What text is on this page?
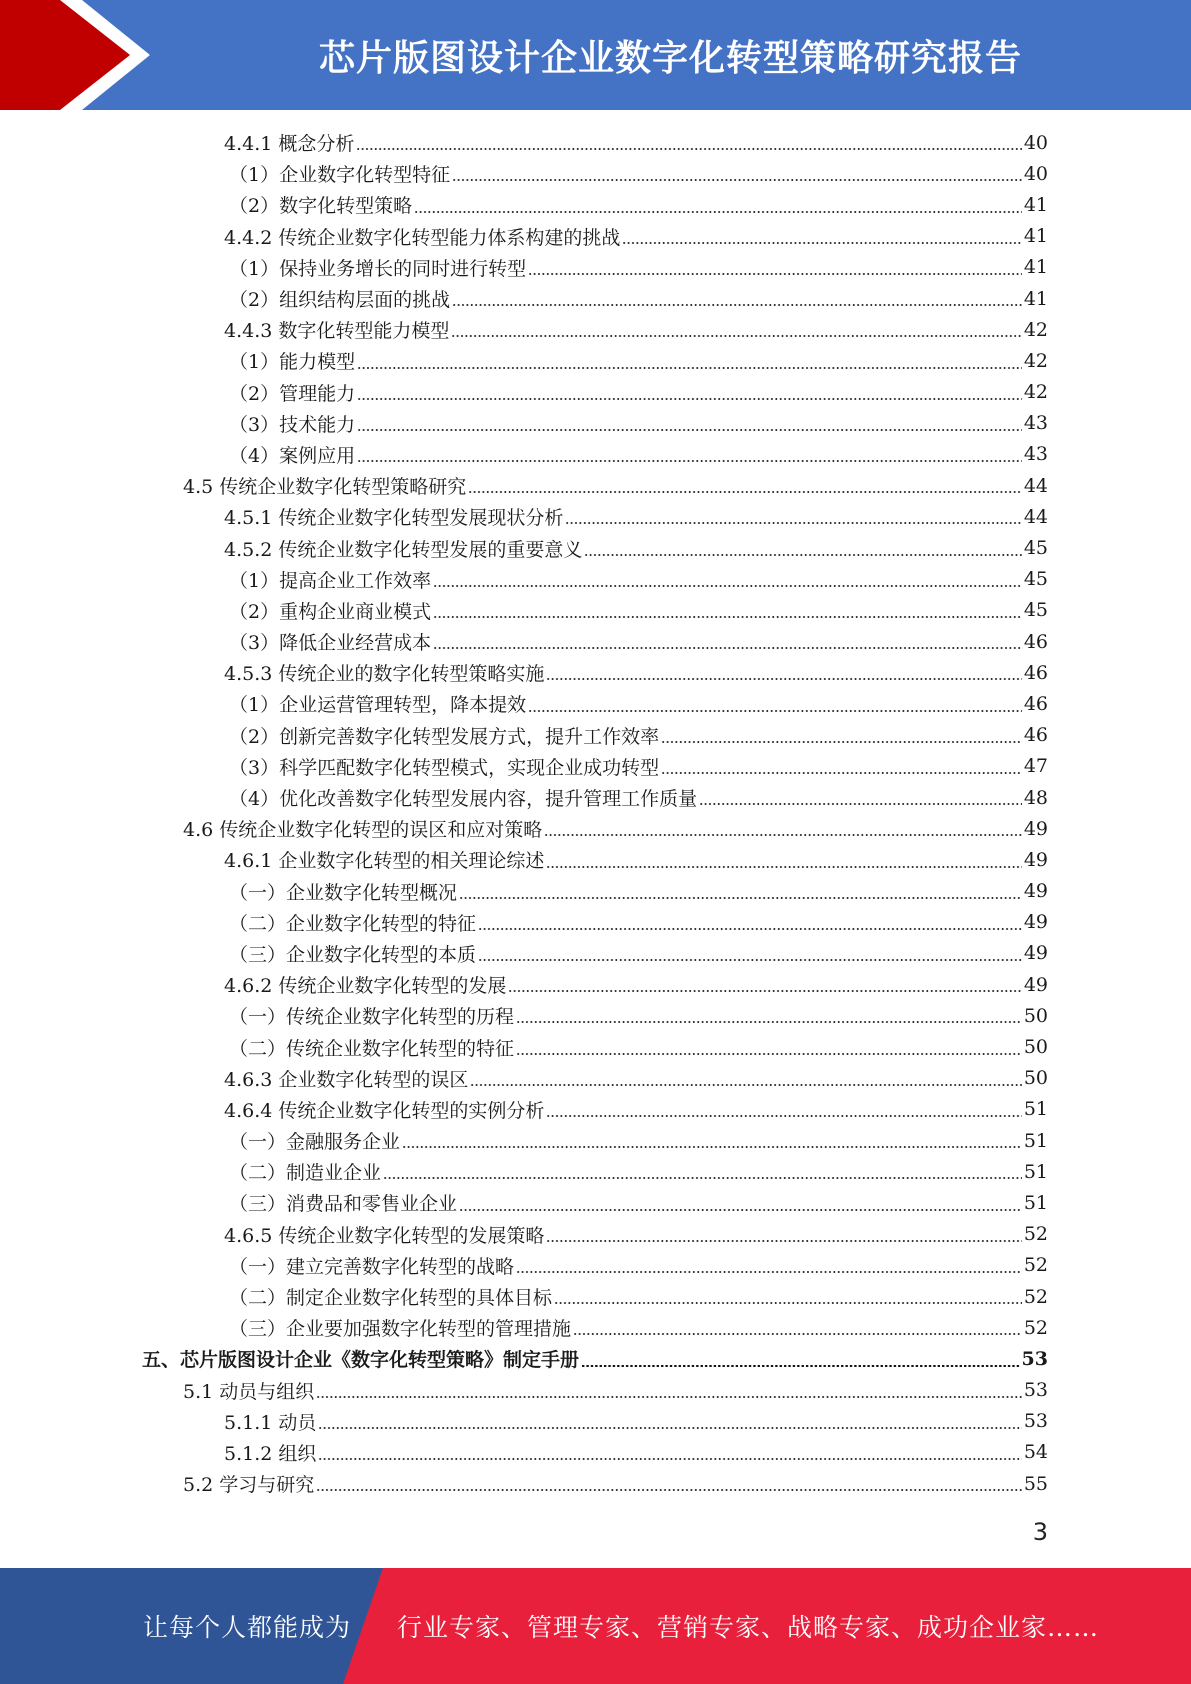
芯片版图设计企业数字化转型策略研究报告
4.4.1 概念分析	40
（1）企业数字化转型特征	40
（2）数字化转型策略	41
4.4.2 传统企业数字化转型能力体系构建的挑战	41
（1）保持业务增长的同时进行转型	41
（2）组织结构层面的挑战	41
4.4.3 数字化转型能力模型	42
（1）能力模型	42
（2）管理能力	42
（3）技术能力	43
（4）案例应用	43
4.5 传统企业数字化转型策略研究	44
4.5.1 传统企业数字化转型发展现状分析	44
4.5.2 传统企业数字化转型发展的重要意义	45
（1）提高企业工作效率	45
（2）重构企业商业模式	45
（3）降低企业经营成本	46
4.5.3 传统企业的数字化转型策略实施	46
（1）企业运营管理转型，降本提效	46
（2）创新完善数字化转型发展方式，提升工作效率	46
（3）科学匹配数字化转型模式，实现企业成功转型	47
（4）优化改善数字化转型发展内容，提升管理工作质量	48
4.6 传统企业数字化转型的误区和应对策略	49
4.6.1 企业数字化转型的相关理论综述	49
（一）企业数字化转型概况	49
（二）企业数字化转型的特征	49
（三）企业数字化转型的本质	49
4.6.2 传统企业数字化转型的发展	49
（一）传统企业数字化转型的历程	50
（二）传统企业数字化转型的特征	50
4.6.3 企业数字化转型的误区	50
4.6.4 传统企业数字化转型的实例分析	51
（一）金融服务企业	51
（二）制造业企业	51
（三）消费品和零售业企业	51
4.6.5 传统企业数字化转型的发展策略	52
（一）建立完善数字化转型的战略	52
（二）制定企业数字化转型的具体目标	52
（三）企业要加强数字化转型的管理措施	52
五、芯片版图设计企业《数字化转型策略》制定手册	53
5.1 动员与组织	53
5.1.1 动员	53
5.1.2 组织	54
5.2 学习与研究	55
3
让每个人都能成为 行业专家、管理专家、营销专家、战略专家、成功企业家……
